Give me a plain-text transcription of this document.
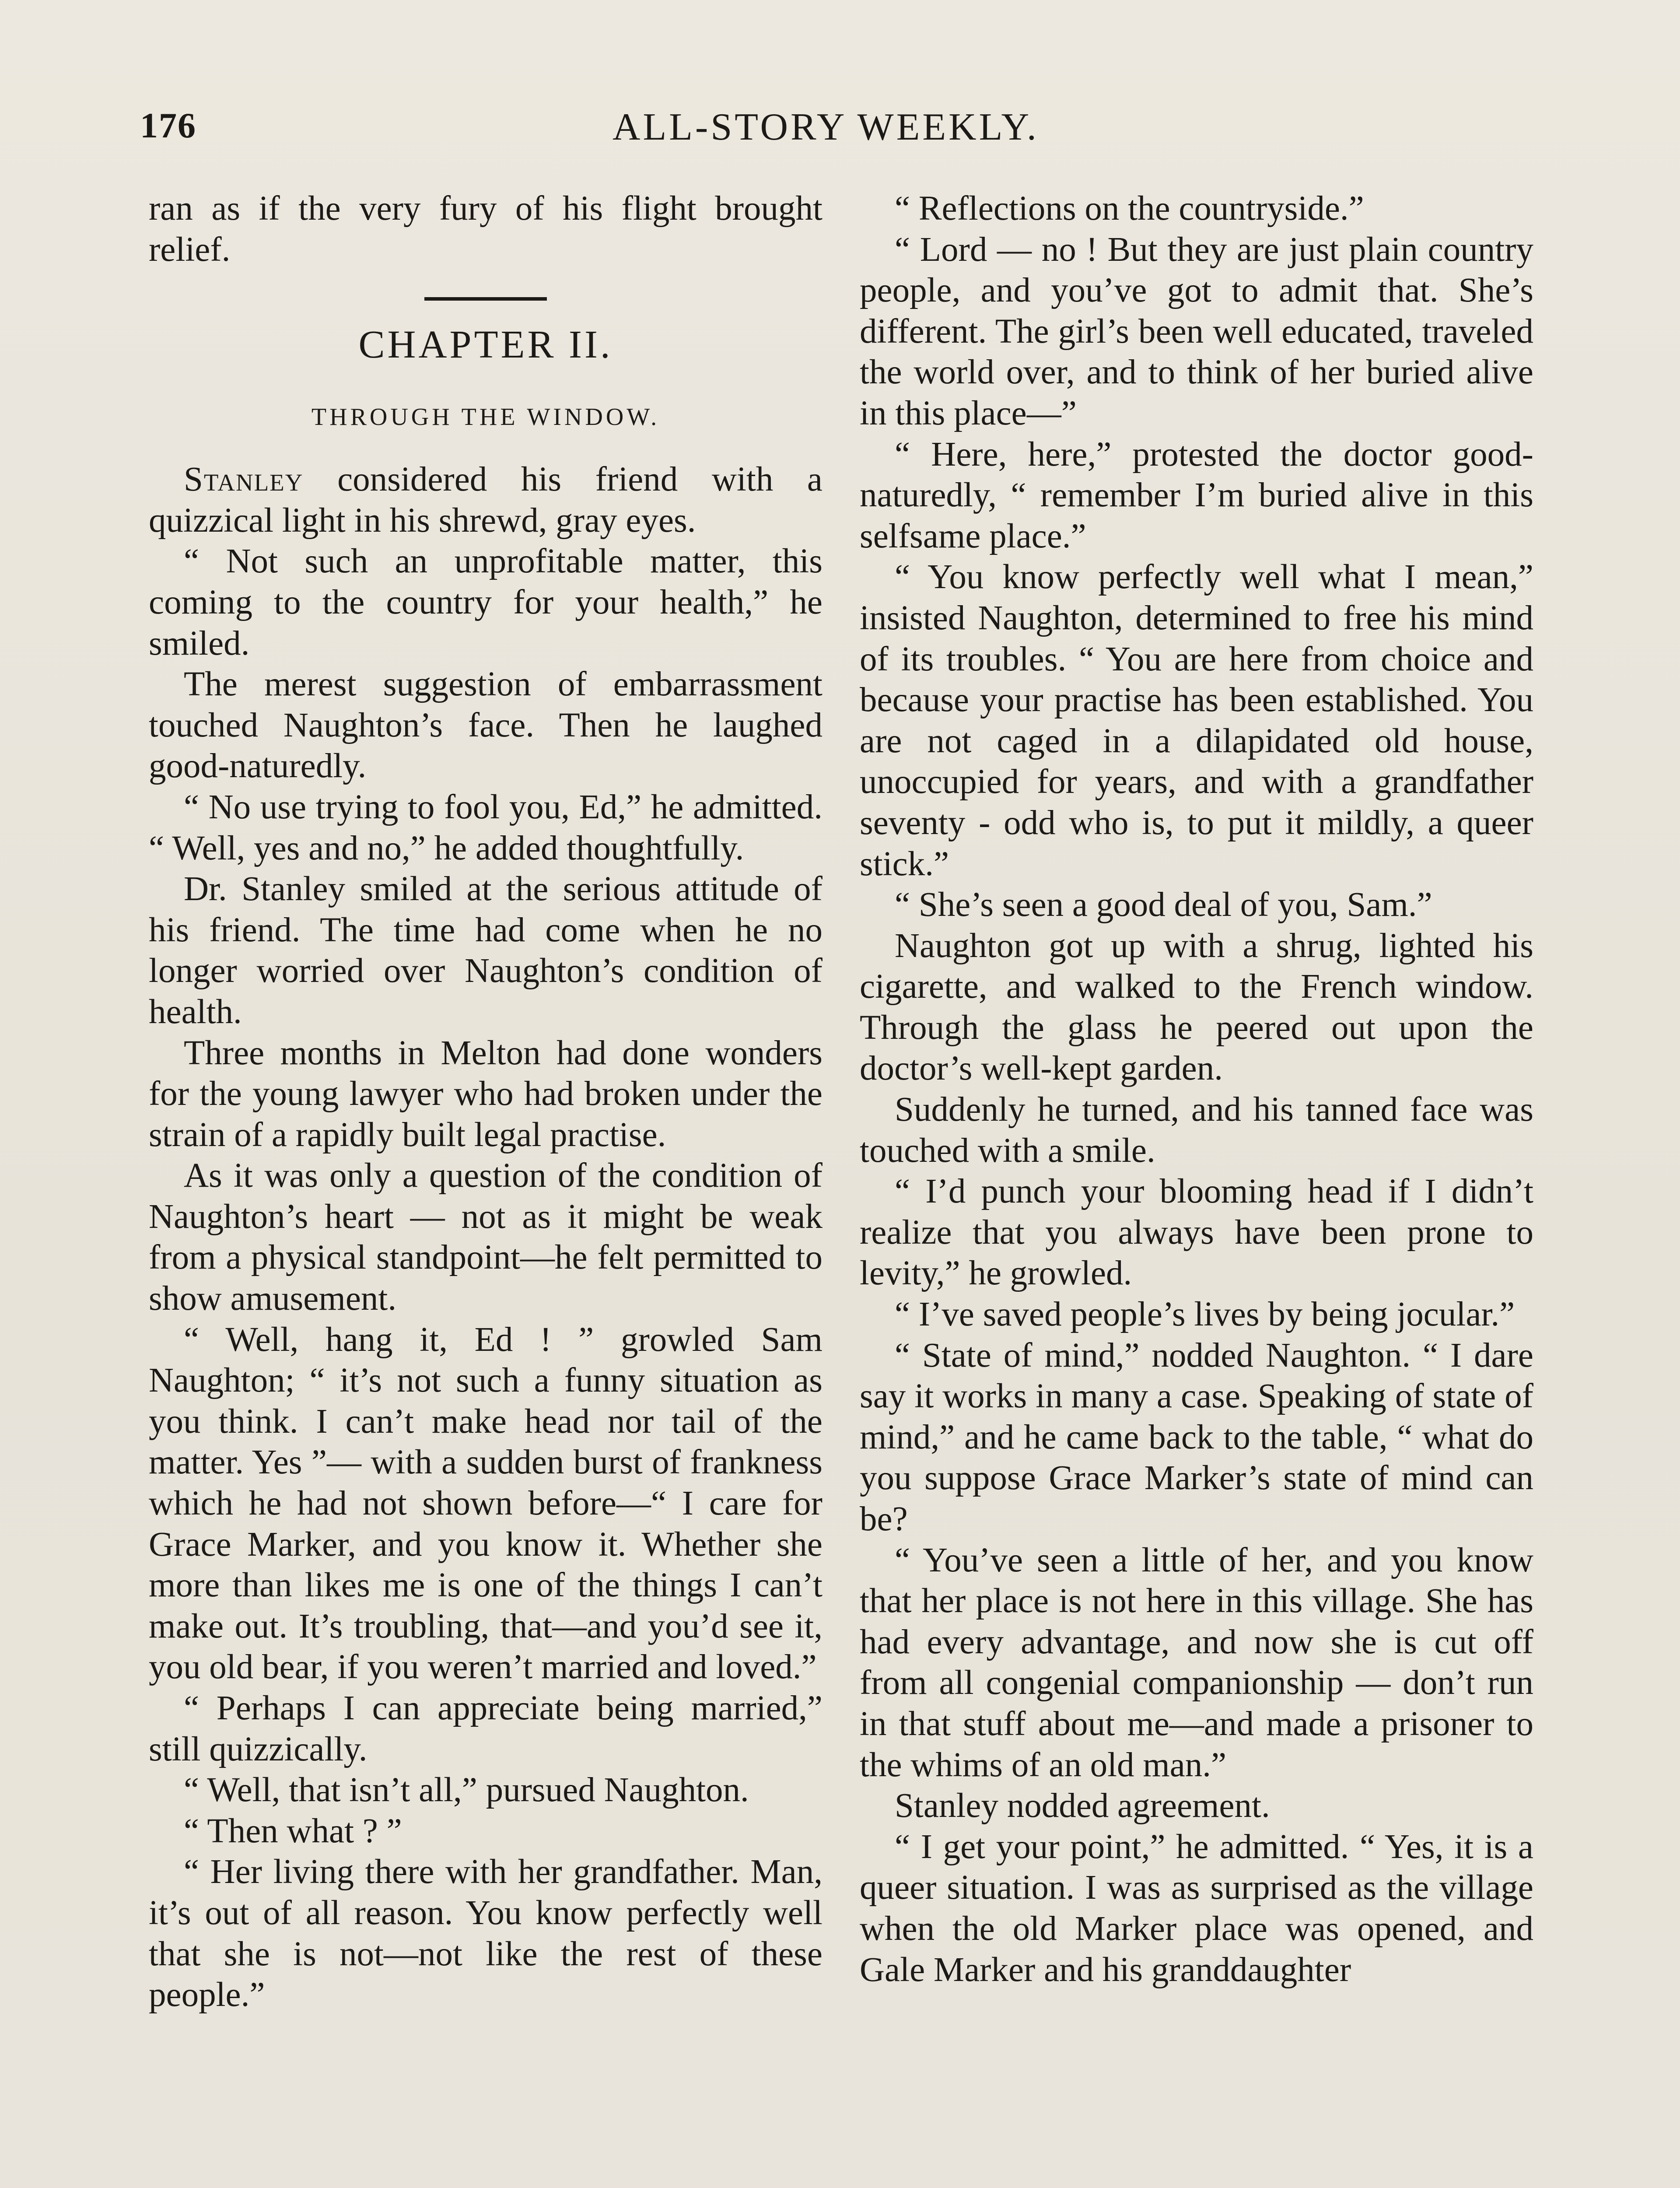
176	ALL-STORY WEEKLY.

ran as if the very fury of his flight brought relief.

CHAPTER II.
THROUGH THE WINDOW.

Stanley considered his friend with a quizzical light in his shrewd, gray eyes.

“ Not such an unprofitable matter, this coming to the country for your health,” he smiled.

The merest suggestion of embarrassment touched Naughton’s face. Then he laughed good-naturedly.

“ No use trying to fool you, Ed,” he admitted. “ Well, yes and no,” he added thoughtfully.

Dr. Stanley smiled at the serious attitude of his friend. The time had come when he no longer worried over Naughton’s condition of health.

Three months in Melton had done wonders for the young lawyer who had broken under the strain of a rapidly built legal practise.

As it was only a question of the condition of Naughton’s heart — not as it might be weak from a physical standpoint—he felt permitted to show amusement.

“ Well, hang it, Ed ! ” growled Sam Naughton; “ it’s not such a funny situation as you think. I can’t make head nor tail of the matter. Yes ”— with a sudden burst of frankness which he had not shown before—“ I care for Grace Marker, and you know it. Whether she more than likes me is one of the things I can’t make out. It’s troubling, that—and you’d see it, you old bear, if you weren’t married and loved.”

“ Perhaps I can appreciate being married,” still quizzically.

“ Well, that isn’t all,” pursued Naughton.

“ Then what ? ”

“ Her living there with her grandfather. Man, it’s out of all reason. You know perfectly well that she is not—not like the rest of these people.”

“ Reflections on the countryside.”

“ Lord — no ! But they are just plain country people, and you’ve got to admit that. She’s different. The girl’s been well educated, traveled the world over, and to think of her buried alive in this place—”

“ Here, here,” protested the doctor good-naturedly, “ remember I’m buried alive in this selfsame place.”

“ You know perfectly well what I mean,” insisted Naughton, determined to free his mind of its troubles. “ You are here from choice and because your practise has been established. You are not caged in a dilapidated old house, unoccupied for years, and with a grandfather seventy - odd who is, to put it mildly, a queer stick.”

“ She’s seen a good deal of you, Sam.”

Naughton got up with a shrug, lighted his cigarette, and walked to the French window. Through the glass he peered out upon the doctor’s well-kept garden.

Suddenly he turned, and his tanned face was touched with a smile.

“ I’d punch your blooming head if I didn’t realize that you always have been prone to levity,” he growled.

“ I’ve saved people’s lives by being jocular.”

“ State of mind,” nodded Naughton. “ I dare say it works in many a case. Speaking of state of mind,” and he came back to the table, “ what do you suppose Grace Marker’s state of mind can be?

“ You’ve seen a little of her, and you know that her place is not here in this village. She has had every advantage, and now she is cut off from all congenial companionship — don’t run in that stuff about me—and made a prisoner to the whims of an old man.”

Stanley nodded agreement.

“ I get your point,” he admitted. “ Yes, it is a queer situation. I was as surprised as the village when the old Marker place was opened, and Gale Marker and his granddaughter
